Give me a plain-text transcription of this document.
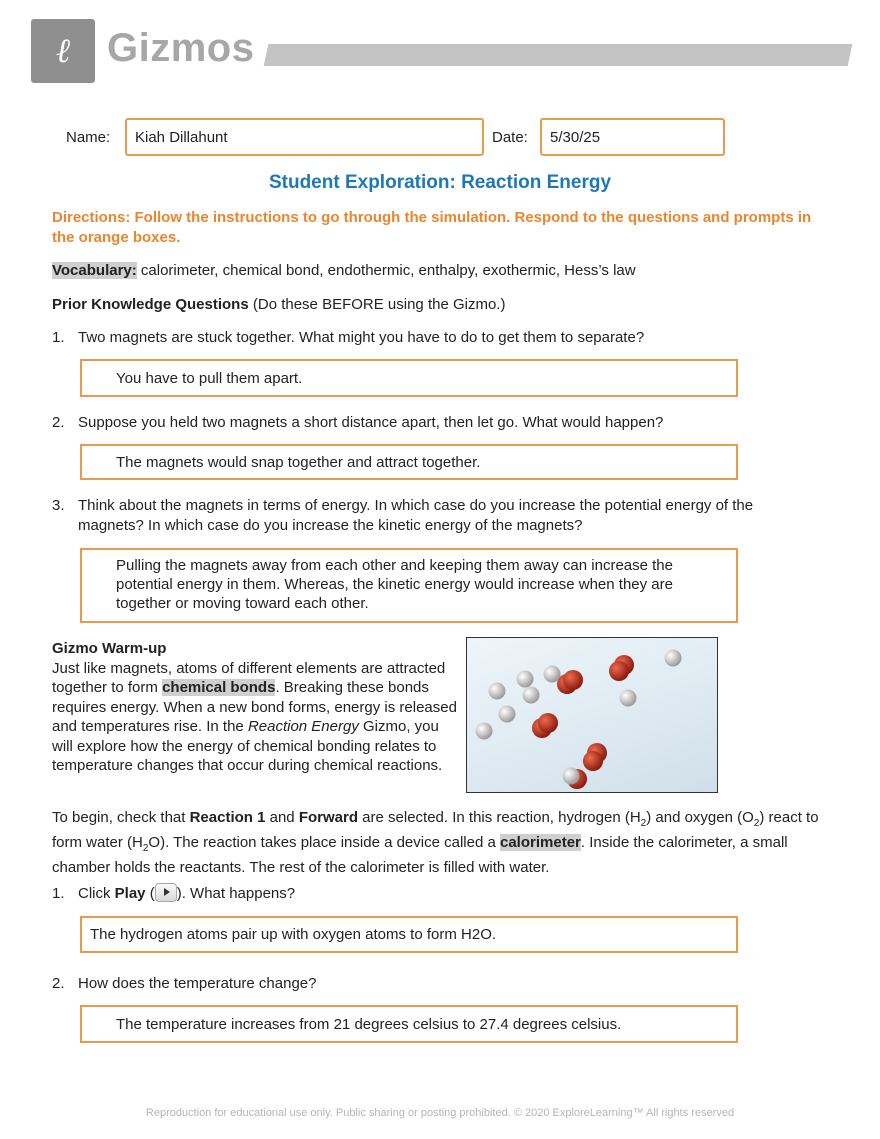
ℓ Gizmos
Name: Kiah Dillahunt	Date: 5/30/25
Student Exploration: Reaction Energy
Directions: Follow the instructions to go through the simulation. Respond to the questions and prompts in the orange boxes.
Vocabulary: calorimeter, chemical bond, endothermic, enthalpy, exothermic, Hess’s law
Prior Knowledge Questions (Do these BEFORE using the Gizmo.)
1. Two magnets are stuck together. What might you have to do to get them to separate?
You have to pull them apart.
2. Suppose you held two magnets a short distance apart, then let go. What would happen?
The magnets would snap together and attract together.
3. Think about the magnets in terms of energy. In which case do you increase the potential energy of the magnets? In which case do you increase the kinetic energy of the magnets?
Pulling the magnets away from each other and keeping them away can increase the potential energy in them. Whereas, the kinetic energy would increase when they are together or moving toward each other.
Gizmo Warm-up
Just like magnets, atoms of different elements are attracted together to form chemical bonds. Breaking these bonds requires energy. When a new bond forms, energy is released and temperatures rise. In the Reaction Energy Gizmo, you will explore how the energy of chemical bonding relates to temperature changes that occur during chemical reactions.
To begin, check that Reaction 1 and Forward are selected. In this reaction, hydrogen $(H_2)$ and oxygen $(O_2)$ react to form water $(H_2O)$. The reaction takes place inside a device called a calorimeter. Inside the calorimeter, a small chamber holds the reactants. The rest of the calorimeter is filled with water.
1. Click Play ( ). What happens?
The hydrogen atoms pair up with oxygen atoms to form H2O.
2. How does the temperature change?
The temperature increases from 21 degrees celsius to 27.4 degrees celsius.
Reproduction for educational use only. Public sharing or posting prohibited. © 2020 ExploreLearning™ All rights reserved
